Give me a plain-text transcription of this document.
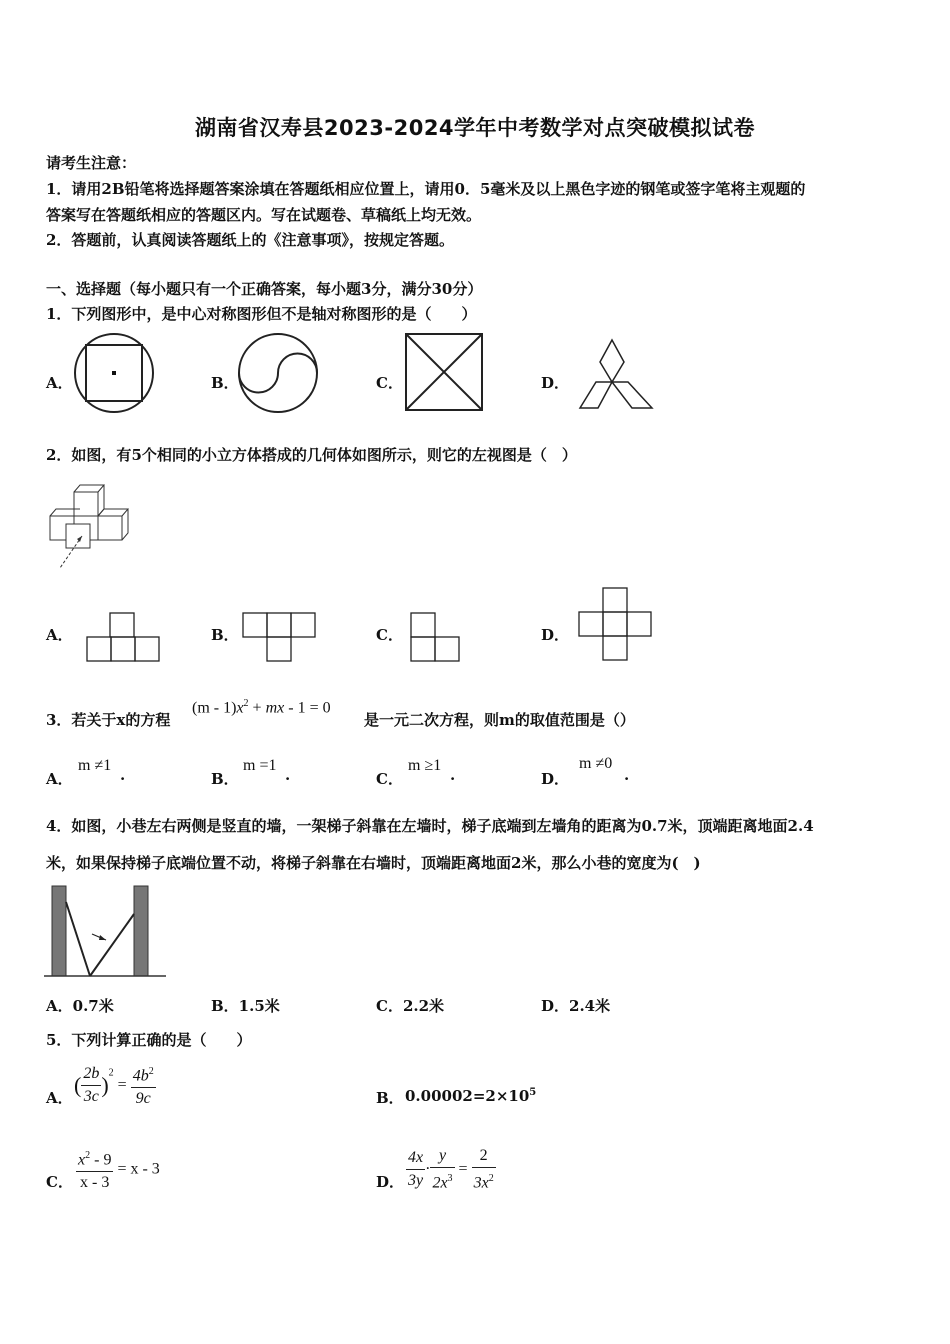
湖南省汉寿县2023-2024学年中考数学对点突破模拟试卷
请考生注意：
1．请用2B铅笔将选择题答案涂填在答题纸相应位置上，请用0．5毫米及以上黑色字迹的钢笔或签字笔将主观题的
答案写在答题纸相应的答题区内。写在试题卷、草稿纸上均无效。
2．答题前，认真阅读答题纸上的《注意事项》，按规定答题。
一、选择题（每小题只有一个正确答案，每小题3分，满分30分）
1．下列图形中，是中心对称图形但不是轴对称图形的是（　　）
A．	B．	C．	D．
2．如图，有5个相同的小立方体搭成的几何体如图所示，则它的左视图是（　）
A．	B．	C．	D．
3．若关于x的方程
$(m - 1)x^2$ + mx - 1 = 0
是一元二次方程，则m的取值范围是（）
A．
m ≠1
.	B．
m =1
.	C．
m ≥1
.	D．
m ≠0
.
4．如图，小巷左右两侧是竖直的墙，一架梯子斜靠在左墙时，梯子底端到左墙角的距离为0.7米，顶端距离地面2.4
米，如果保持梯子底端位置不动，将梯子斜靠在右墙时，顶端距离地面2米，那么小巷的宽度为(　)
A．0.7米	B．1.5米	C．2.2米	D．2.4米
5．下列计算正确的是（　　）
A．
( $\frac{2b}{3c} )^2 = \frac{4b^2}{9c}$	B． $0.00002=2\times 10^5$
C． $\frac{x^2 - 9}{x - 3} = x - 3$
D． $\frac{4x}{3y} \cdot \frac{y}{2x^3} = \frac{2}{3x^2}$
